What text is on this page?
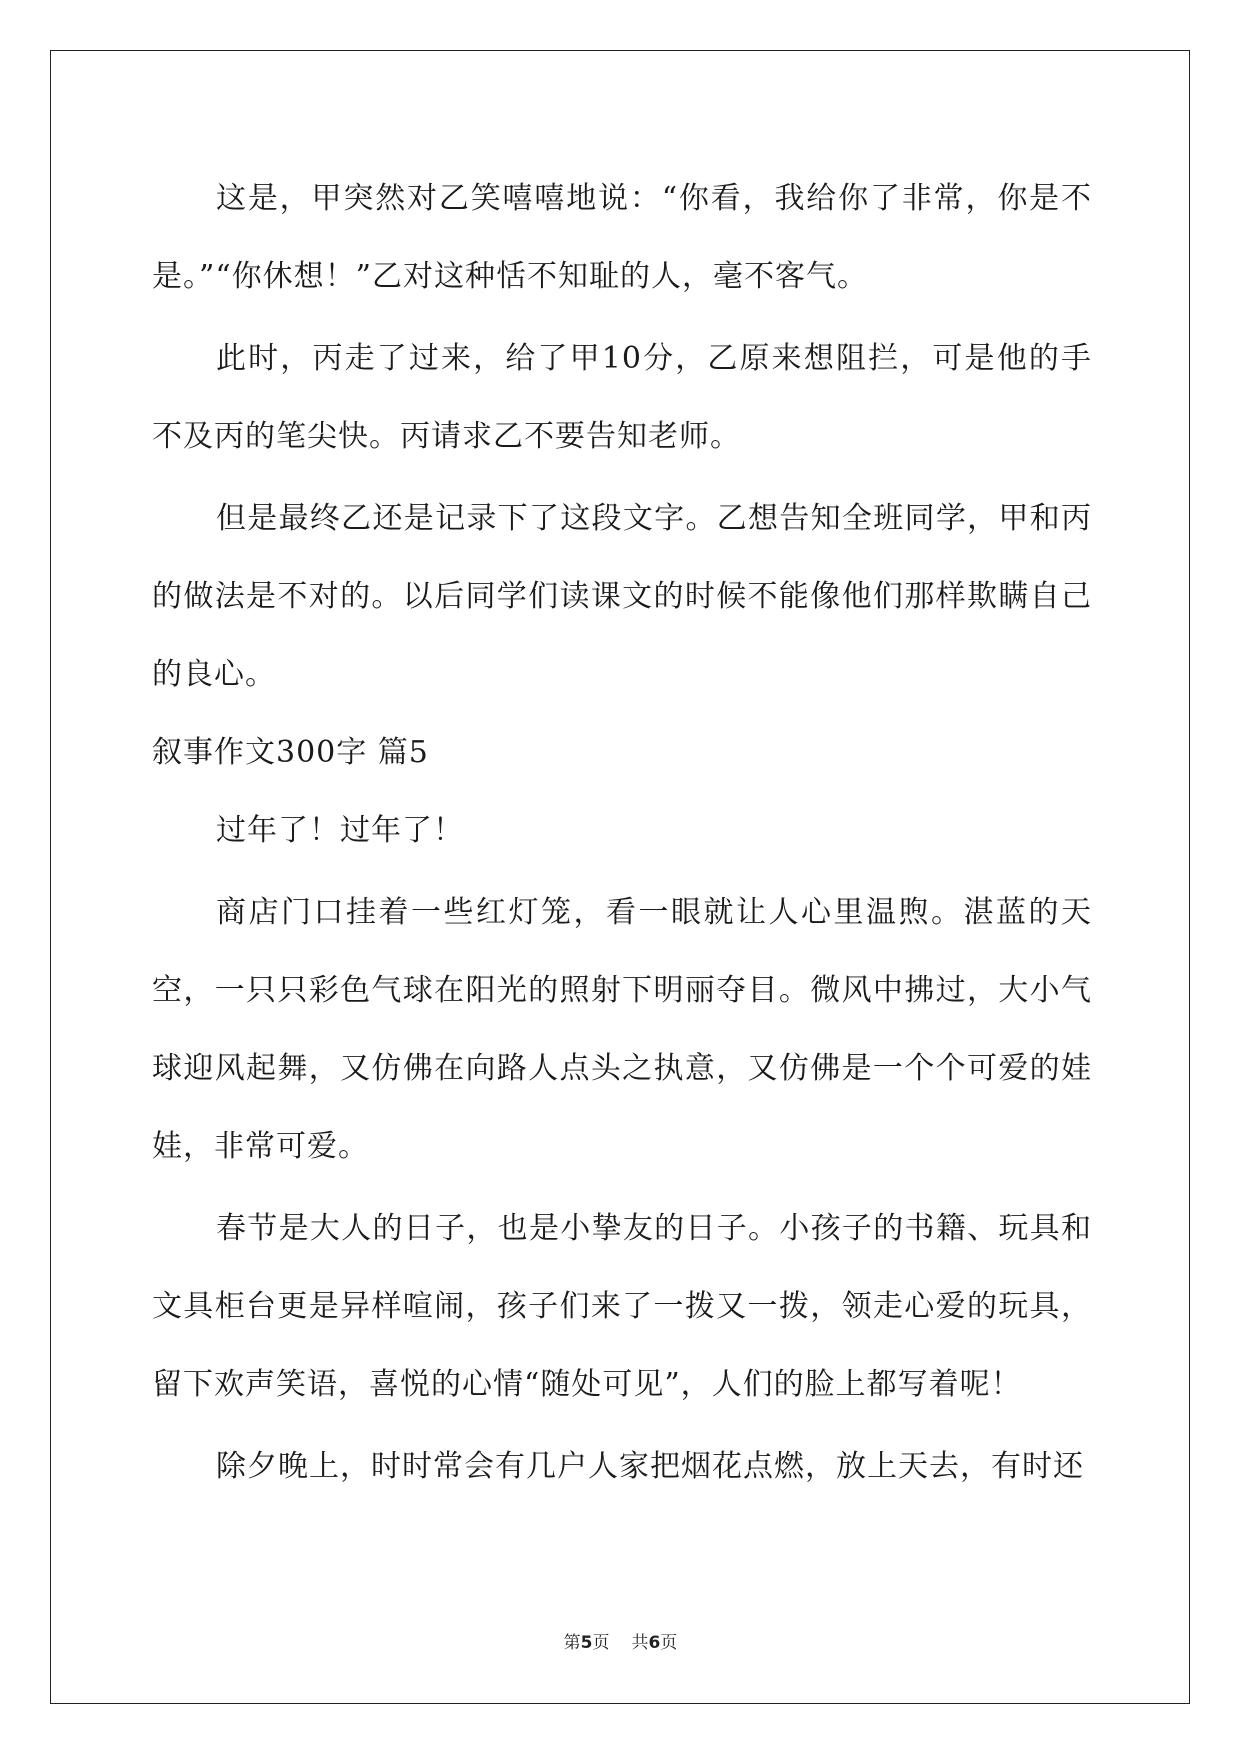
这是，甲突然对乙笑嘻嘻地说：“你看，我给你了非常，你是不是。”“你休想！”乙对这种恬不知耻的人，毫不客气。

此时，丙走了过来，给了甲10分，乙原来想阻拦，可是他的手不及丙的笔尖快。丙请求乙不要告知老师。

但是最终乙还是记录下了这段文字。乙想告知全班同学，甲和丙的做法是不对的。以后同学们读课文的时候不能像他们那样欺瞒自己的良心。

叙事作文300字 篇5

过年了！过年了！

商店门口挂着一些红灯笼，看一眼就让人心里温煦。湛蓝的天空，一只只彩色气球在阳光的照射下明丽夺目。微风中拂过，大小气球迎风起舞，又仿佛在向路人点头之执意，又仿佛是一个个可爱的娃娃，非常可爱。

春节是大人的日子，也是小挚友的日子。小孩子的书籍、玩具和文具柜台更是异样喧闹，孩子们来了一拨又一拨，领走心爱的玩具，留下欢声笑语，喜悦的心情“随处可见”，人们的脸上都写着呢！

除夕晚上，时时常会有几户人家把烟花点燃，放上天去，有时还

第5页 共6页
